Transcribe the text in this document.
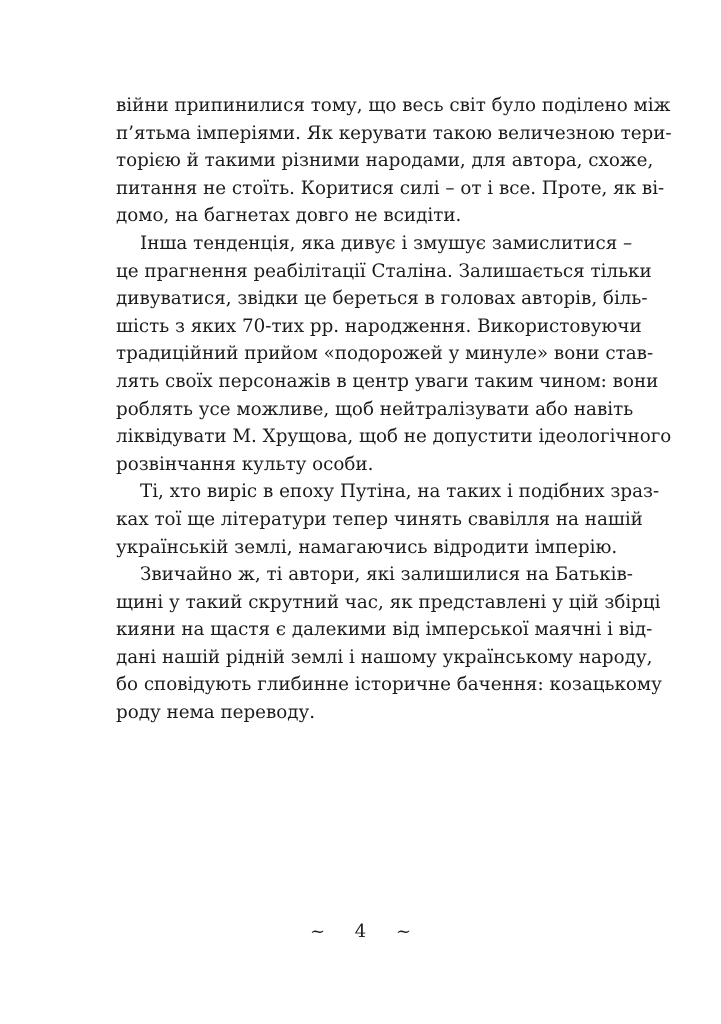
війни припинилися тому, що весь світ було поділено між
п’ятьма імперіями. Як керувати такою величезною тери-
торією й такими різними народами, для автора, схоже,
питання не стоїть. Коритися силі – от і все. Проте, як ві-
домо, на багнетах довго не всидіти.
Інша тенденція, яка дивує і змушує замислитися –
це прагнення реабілітації Сталіна. Залишається тільки
дивуватися, звідки це береться в головах авторів, біль-
шість з яких 70-тих рр. народження. Використовуючи
традиційний прийом «подорожей у минуле» вони став-
лять своїх персонажів в центр уваги таким чином: вони
роблять усе можливе, щоб нейтралізувати або навіть
ліквідувати М. Хрущова, щоб не допустити ідеологічного
розвінчання культу особи.
Ті, хто виріс в епоху Путіна, на таких і подібних зраз-
ках тої ще літератури тепер чинять свавілля на нашій
українській землі, намагаючись відродити імперію.
Звичайно ж, ті автори, які залишилися на Батьків-
щині у такий скрутний час, як представлені у цій збірці
кияни на щастя є далекими від імперської маячні і від-
дані нашій рідній землі і нашому українському народу,
бо сповідують глибинне історичне бачення: козацькому
роду нема переводу.
~ 4 ~
